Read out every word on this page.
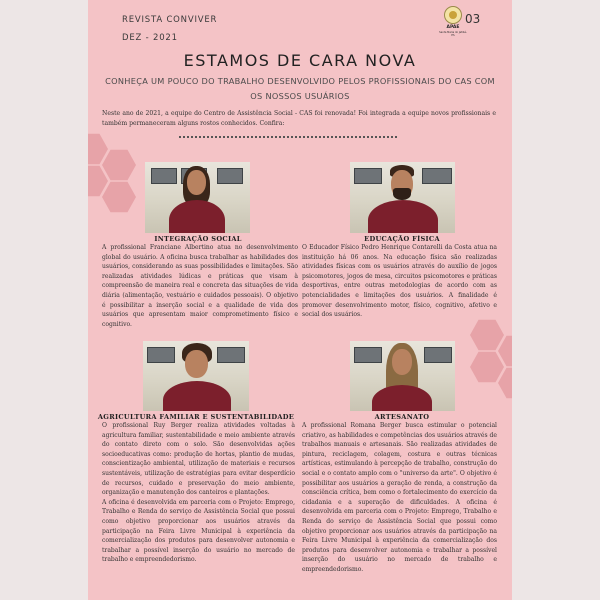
REVISTA CONVIVER
DEZ - 2021
APAE
Santa Maria do Jetibá-ES
03
ESTAMOS DE CARA NOVA
CONHEÇA UM POUCO DO TRABALHO DESENVOLVIDO PELOS PROFISSIONAIS DO CAS COM OS NOSSOS USUÁRIOS
Neste ano de 2021, a equipe do Centro de Assistência Social - CAS foi renovada! Foi integrada a equipe novos profissionais e também permaneceram alguns rostos conhecidos. Confira:
INTEGRAÇÃO SOCIAL	EDUCAÇÃO FÍSICA
A profissional Franciane Albertino atua no desenvolvimento global do usuário. A oficina busca trabalhar as habilidades dos usuários, considerando as suas possibilidades e limitações. São realizadas atividades lúdicas e práticas que visam à compreensão de maneira real e concreta das situações de vida diária (alimentação, vestuário e cuidados pessoais). O objetivo é possibilitar a inserção social e a qualidade de vida dos usuários que apresentam maior comprometimento físico e cognitivo.
O Educador Físico Pedro Henrique Contarelli da Costa atua na instituição há 06 anos. Na educação física são realizadas atividades físicas com os usuários através do auxílio de jogos psicomotores, jogos de mesa, circuitos psicomotores e práticas desportivas, entre outras metodologias de acordo com as potencialidades e limitações dos usuários. A finalidade é promover desenvolvimento motor, físico, cognitivo, afetivo e social dos usuários.
AGRICULTURA FAMILIAR E SUSTENTABILIDADE	ARTESANATO
O profissional Ruy Berger realiza atividades voltadas à agricultura familiar, sustentabilidade e meio ambiente através do contato direto com o solo. São desenvolvidas ações socioeducativas como: produção de hortas, plantio de mudas, conscientização ambiental, utilização de materiais e recursos sustentáveis, utilização de estratégias para evitar desperdício de recursos, cuidado e preservação do meio ambiente, organização e manutenção dos canteiros e plantações.
A oficina é desenvolvida em parceria com o Projeto: Emprego, Trabalho e Renda do serviço de Assistência Social que possui como objetivo proporcionar aos usuários através da participação na Feira Livre Municipal à experiência da comercialização dos produtos para desenvolver autonomia e trabalhar a possível inserção do usuário no mercado de trabalho e empreendedorismo.
A profissional Romana Berger busca estimular o potencial criativo, as habilidades e competências dos usuários através de trabalhos manuais e artesanais. São realizadas atividades de pintura, reciclagem, colagem, costura e outras técnicas artísticas, estimulando à percepção de trabalho, construção do social e o contato amplo com o "universo da arte". O objetivo é possibilitar aos usuários a geração de renda, a construção da consciência crítica, bem como o fortalecimento do exercício da cidadania e a superação de dificuldades. A oficina é desenvolvida em parceria com o Projeto: Emprego, Trabalho e Renda do serviço de Assistência Social que possui como objetivo proporcionar aos usuários através da participação na Feira Livre Municipal à experiência da comercialização dos produtos para desenvolver autonomia e trabalhar a possível inserção do usuário no mercado de trabalho e empreendedorismo.
